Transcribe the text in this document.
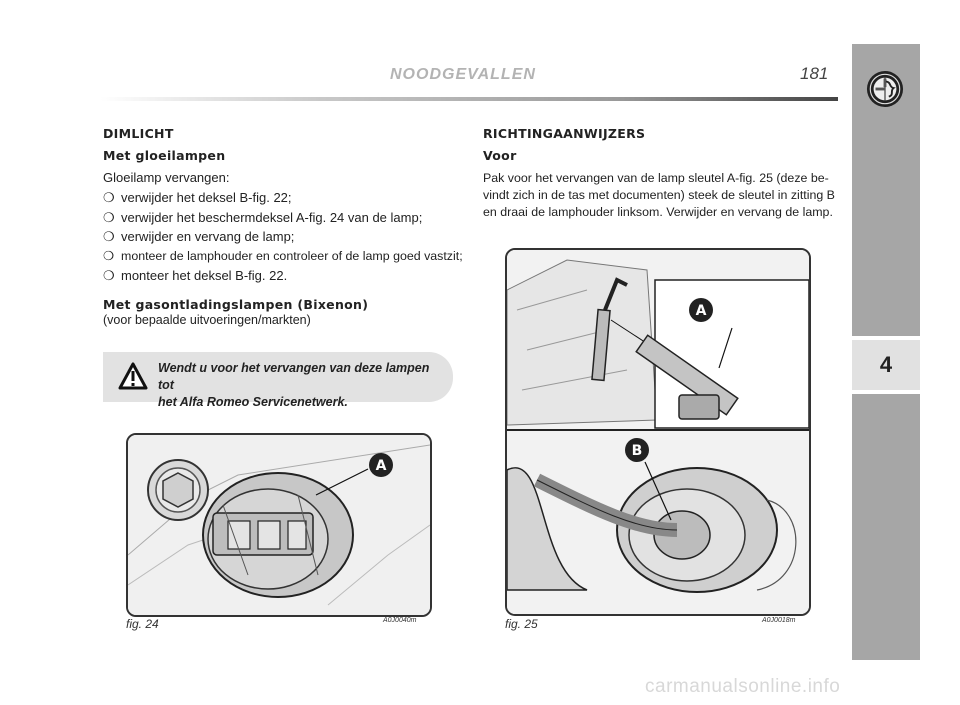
NOODGEVALLEN	181
4
DIMLICHT
Met gloeilampen

Gloeilamp vervangen:

❍ verwijder het deksel B-fig. 22;
❍ verwijder het beschermdeksel A-fig. 24 van de lamp;
❍ verwijder en vervang de lamp;
❍ monteer de lamphouder en controleer of de lamp goed vastzit;
❍ monteer het deksel B-fig. 22.
Met gasontladingslampen (Bixenon)

(voor bepaalde uitvoeringen/markten)

Wendt u voor het vervangen van deze lampen tot
het Alfa Romeo Servicenetwerk.
RICHTINGAANWIJZERS
Voor

Pak voor het vervangen van de lamp sleutel A-fig. 25 (deze be-
vindt zich in de tas met documenten) steek de sleutel in zitting B
en draai de lamphouder linksom. Verwijder en vervang de lamp.

A
fig. 24	A0J0040m
A
B
fig. 25	A0J0018m
carmanualsonline.info
